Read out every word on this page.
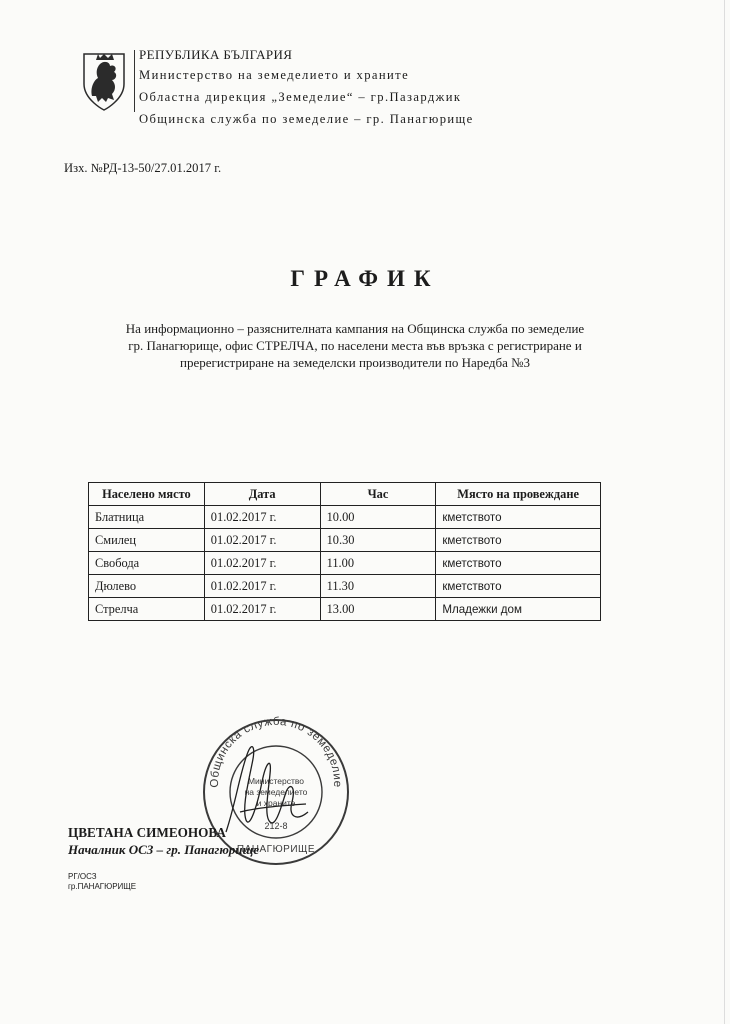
РЕПУБЛИКА БЪЛГАРИЯ
Министерство на земеделието и храните
Областна дирекция „Земеделие“ – гр.Пазарджик
Общинска служба по земеделие – гр. Панагюрище
Изх. №РД-13-50/27.01.2017 г.
ГРАФИК
На информационно – разяснителната кампания на Общинска служба по земеделие
гр. Панагюрище, офис СТРЕЛЧА, по населени места във връзка с регистриране и
пререгистриране на земеделски производители по Наредба №3
Населено място	Дата	Час	Място на провеждане
Блатница	01.02.2017 г.	10.00	кметството
Смилец	01.02.2017 г.	10.30	кметството
Свобода	01.02.2017 г.	11.00	кметството
Дюлево	01.02.2017 г.	11.30	кметството
Стрелча	01.02.2017 г.	13.00	Младежки дом
Общинска служба по земеделие
Министерство
на земеделието
и храните
212-8
ПАНАГЮРИЩЕ
ЦВЕТАНА СИМЕОНОВА
Началник ОСЗ – гр. Панагюрище
РГ/ОСЗ
гр.ПАНАГЮРИЩЕ
